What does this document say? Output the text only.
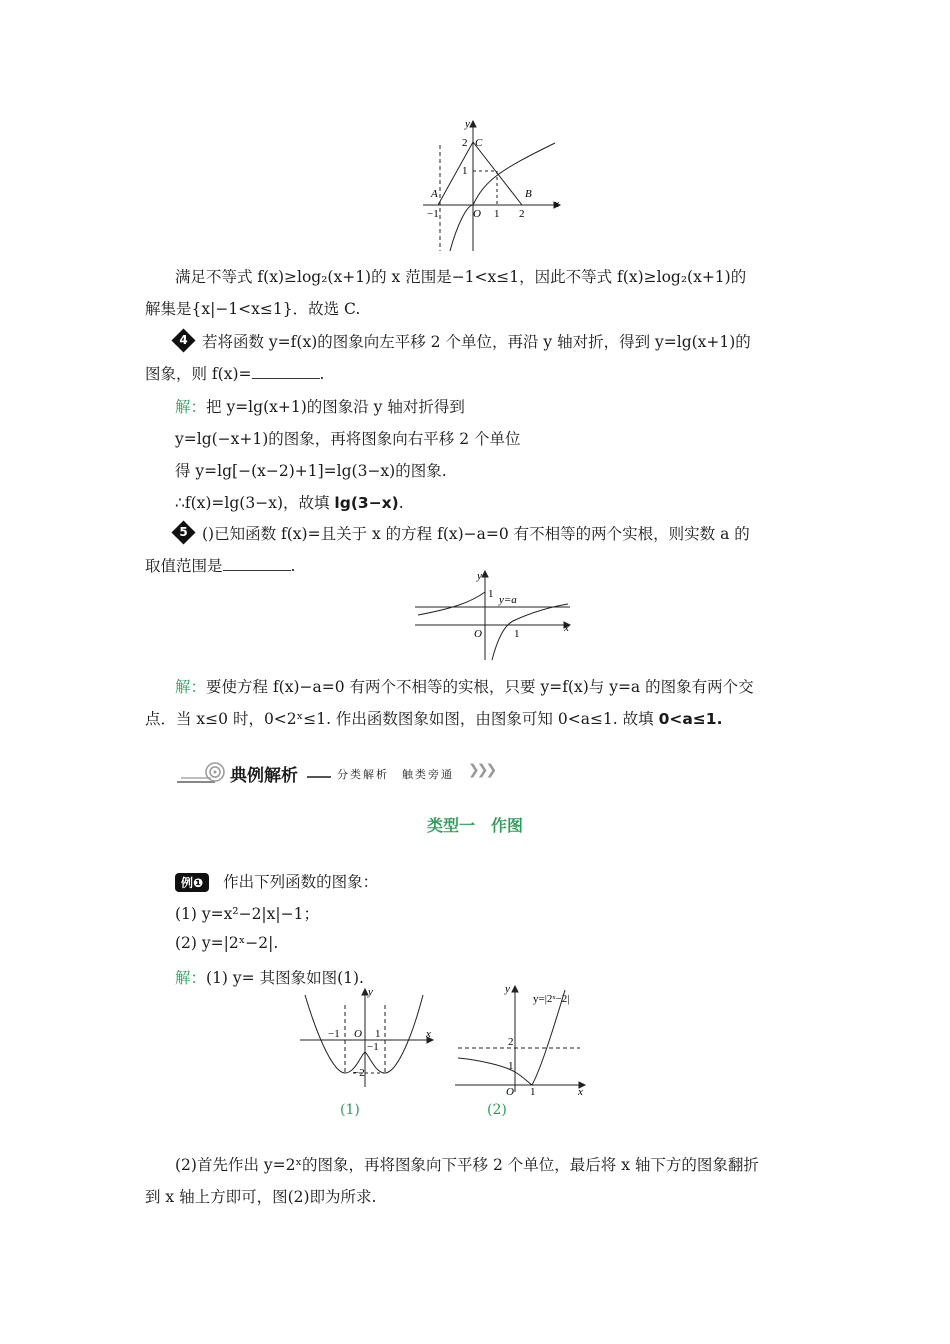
y
x
C
2
1
A	B
−1	O 1 2
满足不等式 f(x)≥log₂(x+1)的 x 范围是−1<x≤1，因此不等式 f(x)≥log₂(x+1)的
解集是{x|−1<x≤1}．故选 C.
4 若将函数 y=f(x)的图象向左平移 2 个单位，再沿 y 轴对折，得到 y=lg(x+1)的
图象，则 f(x)=	.
解：把 y=lg(x+1)的图象沿 y 轴对折得到
y=lg(−x+1)的图象，再将图象向右平移 2 个单位
得 y=lg[−(x−2)+1]=lg(3−x)的图象.
∴f(x)=lg(3−x)，故填 lg(3−x).
5 ()已知函数 f(x)=且关于 x 的方程 f(x)−a=0 有不相等的两个实根，则实数 a 的
取值范围是	.
y
1 y=a
O	1	x
解：要使方程 f(x)−a=0 有两个不相等的实根，只要 y=f(x)与 y=a 的图象有两个交
点．当 x≤0 时，0<2ˣ≤1. 作出函数图象如图，由图象可知 0<a≤1. 故填 0<a≤1.
典例解析	分类解析　触类旁通 ❯❯❯
类型一　作图
例❶ 作出下列函数的图象：
(1) y=x²−2|x|−1；
(2) y=|2ˣ−2|.
解：(1) y= 其图象如图(1).
y
x
−1 O 1
−1
−2
(1)
y
y=|2ˣ−2|
2
1
O 1	x
(2)
(2)首先作出 y=2ˣ的图象，再将图象向下平移 2 个单位，最后将 x 轴下方的图象翻折
到 x 轴上方即可，图(2)即为所求.
